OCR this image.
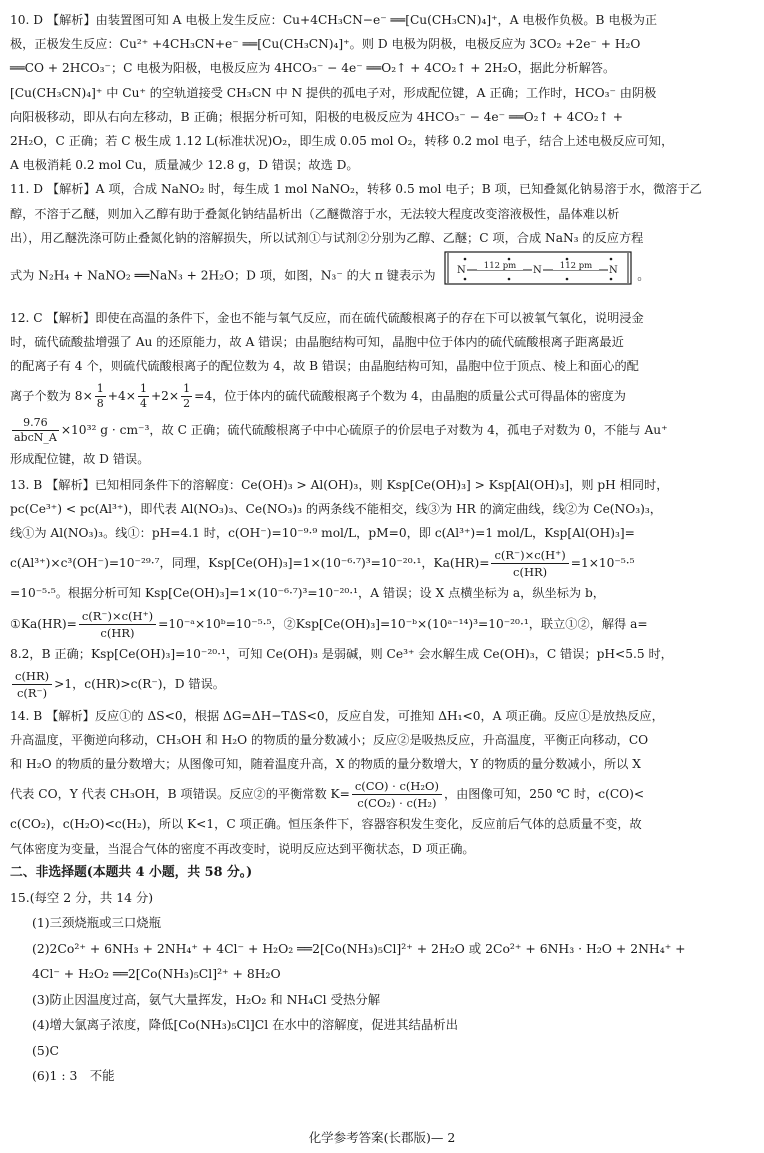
10. D 【解析】由装置图可知 A 电极上发生反应：Cu+4CH₃CN−e⁻ ══[Cu(CH₃CN)₄]⁺，A 电极作负极。B 电极为正

极，正极发生反应：Cu²⁺ +4CH₃CN+e⁻ ══[Cu(CH₃CN)₄]⁺。则 D 电极为阴极，电极反应为 3CO₂ +2e⁻ + H₂O

══CO + 2HCO₃⁻；C 电极为阳极，电极反应为 4HCO₃⁻ − 4e⁻ ══O₂↑ + 4CO₂↑ + 2H₂O，据此分析解答。

[Cu(CH₃CN)₄]⁺ 中 Cu⁺ 的空轨道接受 CH₃CN 中 N 提供的孤电子对，形成配位键，A 正确；工作时，HCO₃⁻ 由阴极

向阳极移动，即从右向左移动，B 正确；根据分析可知，阳极的电极反应为 4HCO₃⁻ − 4e⁻ ══O₂↑ + 4CO₂↑ +

2H₂O，C 正确；若 C 极生成 1.12 L(标准状况)O₂，即生成 0.05 mol O₂，转移 0.2 mol 电子，结合上述电极反应可知，

A 电极消耗 0.2 mol Cu，质量减少 12.8 g，D 错误；故选 D。

11. D 【解析】A 项，合成 NaNO₂ 时，每生成 1 mol NaNO₂，转移 0.5 mol 电子；B 项，已知叠氮化钠易溶于水，微溶于乙

醇，不溶于乙醚，则加入乙醇有助于叠氮化钠结晶析出（乙醚微溶于水，无法较大程度改变溶液极性，晶体难以析

出），用乙醚洗涤可防止叠氮化钠的溶解损失，所以试剂①与试剂②分别为乙醇、乙醚；C 项，合成 NaN₃ 的反应方程

式为 N₂H₄ + NaNO₂ ══NaN₃ + 2H₂O；D 项，如图，N₃⁻ 的大 π 键表示为 N	N	N
112 pm	112 pm
。

12. C 【解析】即使在高温的条件下，金也不能与氧气反应，而在硫代硫酸根离子的存在下可以被氧气氧化，说明浸金

时，硫代硫酸盐增强了 Au 的还原能力，故 A 错误；由晶胞结构可知，晶胞中位于体内的硫代硫酸根离子距离最近

的配离子有 4 个，则硫代硫酸根离子的配位数为 4，故 B 错误；由晶胞结构可知，晶胞中位于顶点、棱上和面心的配

离子个数为 $8\times \frac{1}{8} +4\times \frac{1}{4} +2\times \frac{1}{2} =4$，位于体内的硫代硫酸根离子个数为 4，由晶胞的质量公式可得晶体的密度为

$\frac{9.76}{\text{abcN\_A}} \times 10^{32}$ g · cm⁻³，故 C 正确；硫代硫酸根离子中中心硫原子的价层电子对数为 4，孤电子对数为 0，不能与 Au⁺

形成配位键，故 D 错误。

13. B 【解析】已知相同条件下的溶解度：Ce(OH)₃ > Al(OH)₃，则 Ksp[Ce(OH)₃] > Ksp[Al(OH)₃]，则 pH 相同时，

pc(Ce³⁺) < pc(Al³⁺)，即代表 Al(NO₃)₃、Ce(NO₃)₃ 的两条线不能相交，线③为 HR 的滴定曲线，线②为 Ce(NO₃)₃，

线①为 Al(NO₃)₃。线①：pH=4.1 时，c(OH⁻)=10⁻⁹·⁹ mol/L，pM=0，即 c(Al³⁺)=1 mol/L，Ksp[Al(OH)₃]=

c(Al³⁺)×c³(OH⁻)=10⁻²⁹·⁷，同理，Ksp[Ce(OH)₃]=1×(10⁻⁶·⁷)³=10⁻²⁰·¹，$Ka(HR)= \frac{c(R^-)\times c(H^+)}{c(HR)} =1\times 10^{-5}\cdot^5$

=10⁻⁵·⁵。根据分析可知 Ksp[Ce(OH)₃]=1×(10⁻⁶·⁷)³=10⁻²⁰·¹，A 错误；设 X 点横坐标为 a，纵坐标为 b，

①Ka(HR)= $\frac{c(R^-)\times c(H^+)}{c(HR)}$ =10⁻ᵃ×10ᵇ=10⁻⁵·⁵，②Ksp[Ce(OH)₃]=10⁻ᵇ×(10ᵃ⁻¹⁴)³=10⁻²⁰·¹，联立①②，解得 a=

8.2，B 正确；Ksp[Ce(OH)₃]=10⁻²⁰·¹，可知 Ce(OH)₃ 是弱碱，则 Ce³⁺ 会水解生成 Ce(OH)₃，C 错误；pH<5.5 时，

$\frac{c(HR)}{c(R^-)} >1$，c(HR)>c(R⁻)，D 错误。

14. B 【解析】反应①的 ΔS<0，根据 ΔG=ΔH−TΔS<0，反应自发，可推知 ΔH₁<0，A 项正确。反应①是放热反应，

升高温度，平衡逆向移动，CH₃OH 和 H₂O 的物质的量分数减小；反应②是吸热反应，升高温度，平衡正向移动，CO

和 H₂O 的物质的量分数增大；从图像可知，随着温度升高，X 的物质的量分数增大，Y 的物质的量分数减小，所以 X

代表 CO，Y 代表 CH₃OH，B 项错误。反应②的平衡常数 $K= \frac{\text{c(CO) · c(H₂O)}}{\text{c(CO₂) · c(H₂)}}$ ，由图像可知，250 ℃ 时，c(CO)<

c(CO₂)，c(H₂O)<c(H₂)，所以 K<1，C 项正确。恒压条件下，容器容积发生变化，反应前后气体的总质量不变，故

气体密度为变量，当混合气体的密度不再改变时，说明反应达到平衡状态，D 项正确。

二、非选择题(本题共 4 小题，共 58 分。)

15.(每空 2 分，共 14 分)

(1)三颈烧瓶或三口烧瓶

(2)2Co²⁺ + 6NH₃ + 2NH₄⁺ + 4Cl⁻ + H₂O₂ ══2[Co(NH₃)₅Cl]²⁺ + 2H₂O 或 2Co²⁺ + 6NH₃ · H₂O + 2NH₄⁺ +

4Cl⁻ + H₂O₂ ══2[Co(NH₃)₅Cl]²⁺ + 8H₂O

(3)防止因温度过高，氨气大量挥发，H₂O₂ 和 NH₄Cl 受热分解

(4)增大氯离子浓度，降低[Co(NH₃)₅Cl]Cl 在水中的溶解度，促进其结晶析出

(5)C

(6)1 : 3　不能

化学参考答案(长郡版)— 2
